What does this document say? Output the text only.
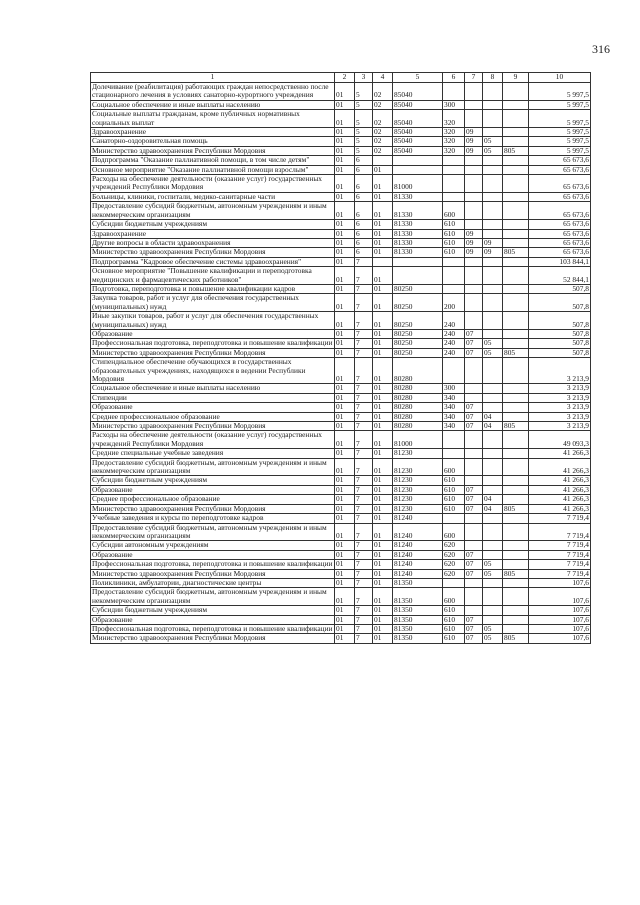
316
1	2	3	4	5	6	7	8	9	10
Долечивание (реабилитация) работающих граждан непосредственно после стационарного лечения в условиях санаторно-курортного учреждения	01	5	02	85040					5 997,5
Социальное обеспечение и иные выплаты населению	01	5	02	85040	300				5 997,5
Социальные выплаты гражданам, кроме публичных нормативных социальных выплат	01	5	02	85040	320				5 997,5
Здравоохранение	01	5	02	85040	320	09			5 997,5
Санаторно-оздоровительная помощь	01	5	02	85040	320	09	05		5 997,5
Министерство здравоохранения Республики Мордовия	01	5	02	85040	320	09	05	805	5 997,5
Подпрограмма "Оказание паллиативной помощи, в том числе детям"	01	6							65 673,6
Основное мероприятие "Оказание паллиативной помощи взрослым"	01	6	01						65 673,6
Расходы на обеспечение деятельности (оказание услуг) государственных учреждений Республики Мордовия	01	6	01	81000					65 673,6
Больницы, клиники, госпитали, медико-санитарные части	01	6	01	81330					65 673,6
Предоставление субсидий бюджетным, автономным учреждениям и иным некоммерческим организациям	01	6	01	81330	600				65 673,6
Субсидии бюджетным учреждениям	01	6	01	81330	610				65 673,6
Здравоохранение	01	6	01	81330	610	09			65 673,6
Другие вопросы в области здравоохранения	01	6	01	81330	610	09	09		65 673,6
Министерство здравоохранения Республики Мордовия	01	6	01	81330	610	09	09	805	65 673,6
Подпрограмма "Кадровое обеспечение системы здравоохранения"	01	7							103 844,1
Основное мероприятие "Повышение квалификации и переподготовка медицинских и фармацевтических работников"	01	7	01						52 844,1
Подготовка, переподготовка и повышение квалификации кадров	01	7	01	80250					507,8
Закупка товаров, работ и услуг для обеспечения государственных (муниципальных) нужд	01	7	01	80250	200				507,8
Иные закупки товаров, работ и услуг для обеспечения государственных (муниципальных) нужд	01	7	01	80250	240				507,8
Образование	01	7	01	80250	240	07			507,8
Профессиональная подготовка, переподготовка и повышение квалификации	01	7	01	80250	240	07	05		507,8
Министерство здравоохранения Республики Мордовия	01	7	01	80250	240	07	05	805	507,8
Стипендиальное обеспечение обучающихся в государственных образовательных учреждениях, находящихся в ведении Республики Мордовия	01	7	01	80280					3 213,9
Социальное обеспечение и иные выплаты населению	01	7	01	80280	300				3 213,9
Стипендии	01	7	01	80280	340				3 213,9
Образование	01	7	01	80280	340	07			3 213,9
Среднее профессиональное образование	01	7	01	80280	340	07	04		3 213,9
Министерство здравоохранения Республики Мордовия	01	7	01	80280	340	07	04	805	3 213,9
Расходы на обеспечение деятельности (оказание услуг) государственных учреждений Республики Мордовия	01	7	01	81000					49 093,3
Средние специальные учебные заведения	01	7	01	81230					41 266,3
Предоставление субсидий бюджетным, автономным учреждениям и иным некоммерческим организациям	01	7	01	81230	600				41 266,3
Субсидии бюджетным учреждениям	01	7	01	81230	610				41 266,3
Образование	01	7	01	81230	610	07			41 266,3
Среднее профессиональное образование	01	7	01	81230	610	07	04		41 266,3
Министерство здравоохранения Республики Мордовия	01	7	01	81230	610	07	04	805	41 266,3
Учебные заведения и курсы по переподготовке кадров	01	7	01	81240					7 719,4
Предоставление субсидий бюджетным, автономным учреждениям и иным некоммерческим организациям	01	7	01	81240	600				7 719,4
Субсидии автономным учреждениям	01	7	01	81240	620				7 719,4
Образование	01	7	01	81240	620	07			7 719,4
Профессиональная подготовка, переподготовка и повышение квалификации	01	7	01	81240	620	07	05		7 719,4
Министерство здравоохранения Республики Мордовия	01	7	01	81240	620	07	05	805	7 719,4
Поликлиники, амбулатории, диагностические центры	01	7	01	81350					107,6
Предоставление субсидий бюджетным, автономным учреждениям и иным некоммерческим организациям	01	7	01	81350	600				107,6
Субсидии бюджетным учреждениям	01	7	01	81350	610				107,6
Образование	01	7	01	81350	610	07			107,6
Профессиональная подготовка, переподготовка и повышение квалификации	01	7	01	81350	610	07	05		107,6
Министерство здравоохранения Республики Мордовия	01	7	01	81350	610	07	05	805	107,6
